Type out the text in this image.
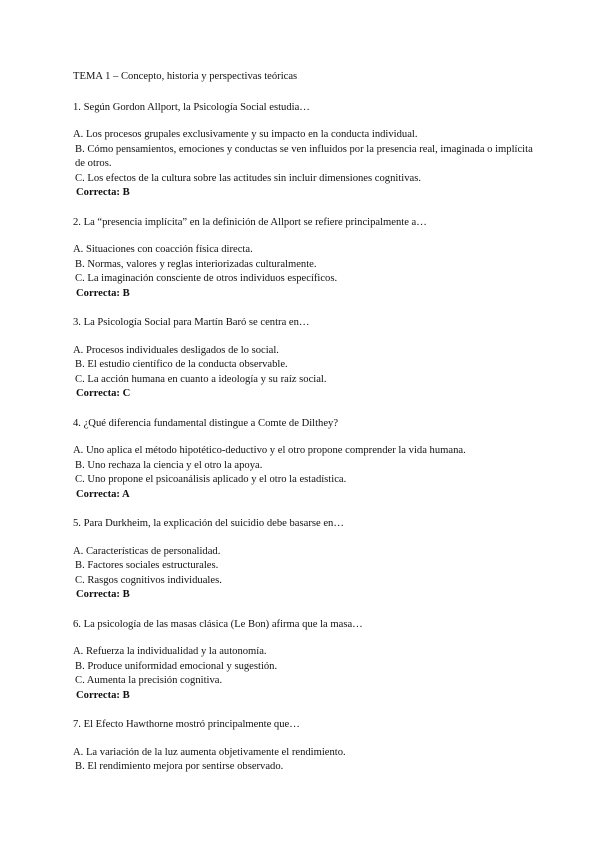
TEMA 1 – Concepto, historia y perspectivas teóricas

1. Según Gordon Allport, la Psicología Social estudia…

A. Los procesos grupales exclusivamente y su impacto en la conducta individual.

B. Cómo pensamientos, emociones y conductas se ven influidos por la presencia real, imaginada o implícita de otros.

C. Los efectos de la cultura sobre las actitudes sin incluir dimensiones cognitivas.

Correcta: B

2. La “presencia implícita” en la definición de Allport se refiere principalmente a…

A. Situaciones con coacción física directa.

B. Normas, valores y reglas interiorizadas culturalmente.

C. La imaginación consciente de otros individuos específicos.

Correcta: B

3. La Psicología Social para Martín Baró se centra en…

A. Procesos individuales desligados de lo social.

B. El estudio científico de la conducta observable.

C. La acción humana en cuanto a ideología y su raíz social.

Correcta: C

4. ¿Qué diferencia fundamental distingue a Comte de Dilthey?

A. Uno aplica el método hipotético-deductivo y el otro propone comprender la vida humana.

B. Uno rechaza la ciencia y el otro la apoya.

C. Uno propone el psicoanálisis aplicado y el otro la estadística.

Correcta: A

5. Para Durkheim, la explicación del suicidio debe basarse en…

A. Características de personalidad.

B. Factores sociales estructurales.

C. Rasgos cognitivos individuales.

Correcta: B

6. La psicología de las masas clásica (Le Bon) afirma que la masa…

A. Refuerza la individualidad y la autonomía.

B. Produce uniformidad emocional y sugestión.

C. Aumenta la precisión cognitiva.

Correcta: B

7. El Efecto Hawthorne mostró principalmente que…

A. La variación de la luz aumenta objetivamente el rendimiento.

B. El rendimiento mejora por sentirse observado.
